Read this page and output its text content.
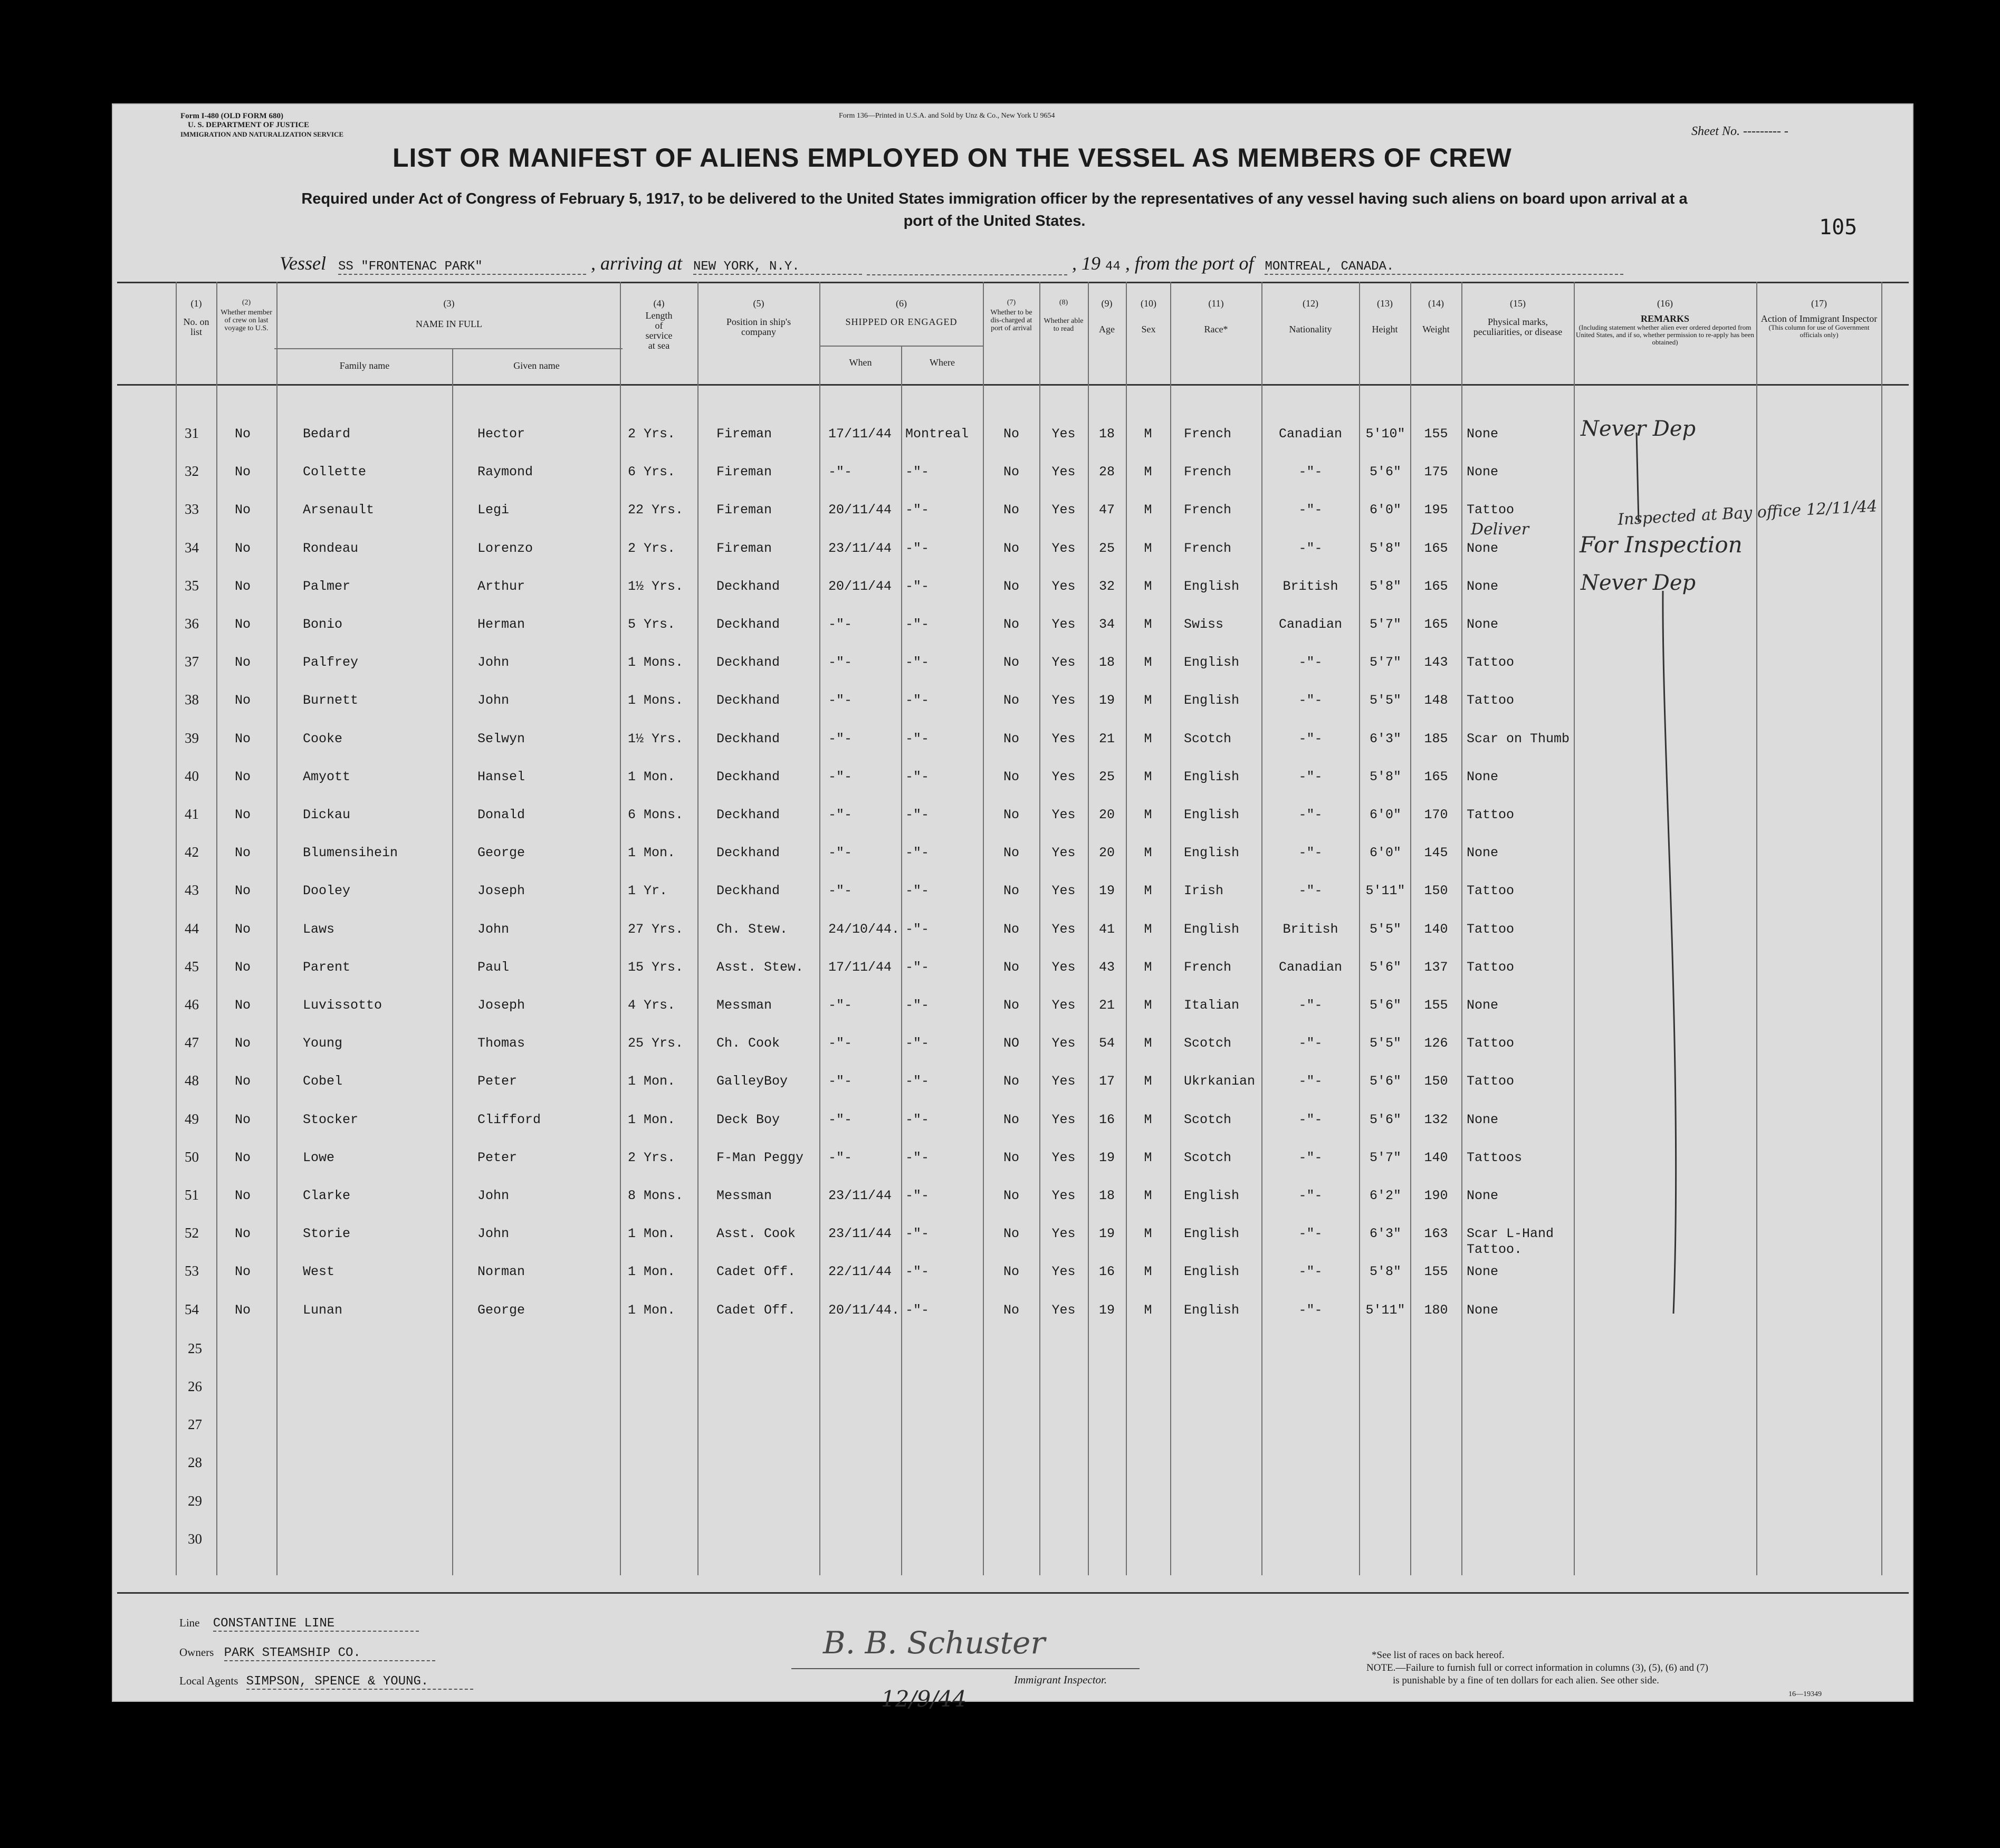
Form I-480 (OLD FORM 680)
U. S. DEPARTMENT OF JUSTICE
IMMIGRATION AND NATURALIZATION SERVICE
Form 136—Printed in U.S.A. and Sold by Unz & Co., New York U 9654
Sheet No. --------- -
LIST OR MANIFEST OF ALIENS EMPLOYED ON THE VESSEL AS MEMBERS OF CREW
Required under Act of Congress of February 5, 1917, to be delivered to the United States immigration officer by the representatives of any vessel having such aliens on board upon arrival at a
port of the United States.	105
Vessel SS "FRONTENAC PARK"	, arriving at NEW YORK, N.Y.	, 19 44 , from the port of MONTREAL, CANADA.
(1)
No. on list
(2)
Whether member of crew on last voyage to U.S.
(3)
NAME IN FULL
Family name	Given name
(4)
Length of service at sea
(5)
Position in ship's company
(6)
SHIPPED OR ENGAGED
When	Where
(7)
Whether to be dis-charged at port of arrival
(8)
Whether able to read
(9)
Age
(10)
Sex
(11)
Race*
(12)
Nationality
(13)
Height
(14)
Weight
(15)
Physical marks, peculiarities, or disease
(16)
REMARKS
(Including statement whether alien ever ordered deported from United States, and if so, whether permission to re-apply has been obtained)
(17)
Action of Immigrant Inspector
(This column for use of Government officials only)
31	No	Bedard	Hector	2 Yrs.	Fireman	17/11/44	Montreal	No	Yes	18	M	French	Canadian	5'10"	155	None
32	No	Collette	Raymond	6 Yrs.	Fireman	-"-	-"-	No	Yes	28	M	French	-"-	5'6"	175	None
33	No	Arsenault	Legi	22 Yrs.	Fireman	20/11/44	-"-	No	Yes	47	M	French	-"-	6'0"	195	Tattoo
34	No	Rondeau	Lorenzo	2 Yrs.	Fireman	23/11/44	-"-	No	Yes	25	M	French	-"-	5'8"	165	None
35	No	Palmer	Arthur	1½ Yrs.	Deckhand	20/11/44	-"-	No	Yes	32	M	English	British	5'8"	165	None
36	No	Bonio	Herman	5 Yrs.	Deckhand	-"-	-"-	No	Yes	34	M	Swiss	Canadian	5'7"	165	None
37	No	Palfrey	John	1 Mons.	Deckhand	-"-	-"-	No	Yes	18	M	English	-"-	5'7"	143	Tattoo
38	No	Burnett	John	1 Mons.	Deckhand	-"-	-"-	No	Yes	19	M	English	-"-	5'5"	148	Tattoo
39	No	Cooke	Selwyn	1½ Yrs.	Deckhand	-"-	-"-	No	Yes	21	M	Scotch	-"-	6'3"	185	Scar on Thumb
40	No	Amyott	Hansel	1 Mon.	Deckhand	-"-	-"-	No	Yes	25	M	English	-"-	5'8"	165	None
41	No	Dickau	Donald	6 Mons.	Deckhand	-"-	-"-	No	Yes	20	M	English	-"-	6'0"	170	Tattoo
42	No	Blumensihein	George	1 Mon.	Deckhand	-"-	-"-	No	Yes	20	M	English	-"-	6'0"	145	None
43	No	Dooley	Joseph	1 Yr.	Deckhand	-"-	-"-	No	Yes	19	M	Irish	-"-	5'11"	150	Tattoo
44	No	Laws	John	27 Yrs.	Ch. Stew.	24/10/44. -"-	No	Yes	41	M	English	British	5'5"	140	Tattoo
45	No	Parent	Paul	15 Yrs.	Asst. Stew.	17/11/44	-"-	No	Yes	43	M	French	Canadian	5'6"	137	Tattoo
46	No	Luvissotto	Joseph	4 Yrs.	Messman	-"-	-"-	No	Yes	21	M	Italian	-"-	5'6"	155	None
47	No	Young	Thomas	25 Yrs.	Ch. Cook	-"-	-"-	NO	Yes	54	M	Scotch	-"-	5'5"	126	Tattoo
48	No	Cobel	Peter	1 Mon.	GalleyBoy	-"-	-"-	No	Yes	17	M	Ukrkanian	-"-	5'6"	150	Tattoo
49	No	Stocker	Clifford	1 Mon.	Deck Boy	-"-	-"-	No	Yes	16	M	Scotch	-"-	5'6"	132	None
50	No	Lowe	Peter	2 Yrs.	F-Man Peggy	-"-	-"-	No	Yes	19	M	Scotch	-"-	5'7"	140	Tattoos
51	No	Clarke	John	8 Mons.	Messman	23/11/44	-"-	No	Yes	18	M	English	-"-	6'2"	190	None
52	No	Storie	John	1 Mon.	Asst. Cook	23/11/44	-"-	No	Yes	19	M	English	-"-	6'3"	163	Scar L-Hand Tattoo.
53	No	West	Norman	1 Mon.	Cadet Off.	22/11/44	-"-	No	Yes	16	M	English	-"-	5'8"	155	None
54	No	Lunan	George	1 Mon.	Cadet Off.	20/11/44. -"-	No	Yes	19	M	English	-"-	5'11"	180	None
25
26
27
28
29
30
Never Dep
Inspected at Bay office 12/11/44
Deliver
For Inspection
Never Dep
Line CONSTANTINE LINE
Owners PARK STEAMSHIP CO.
Local Agents SIMPSON, SPENCE & YOUNG.
B. B. Schuster
Immigrant Inspector.
12/9/44
*See list of races on back hereof.
NOTE.—Failure to furnish full or correct information in columns (3), (5), (6) and (7)
is punishable by a fine of ten dollars for each alien. See other side.
16—19349
